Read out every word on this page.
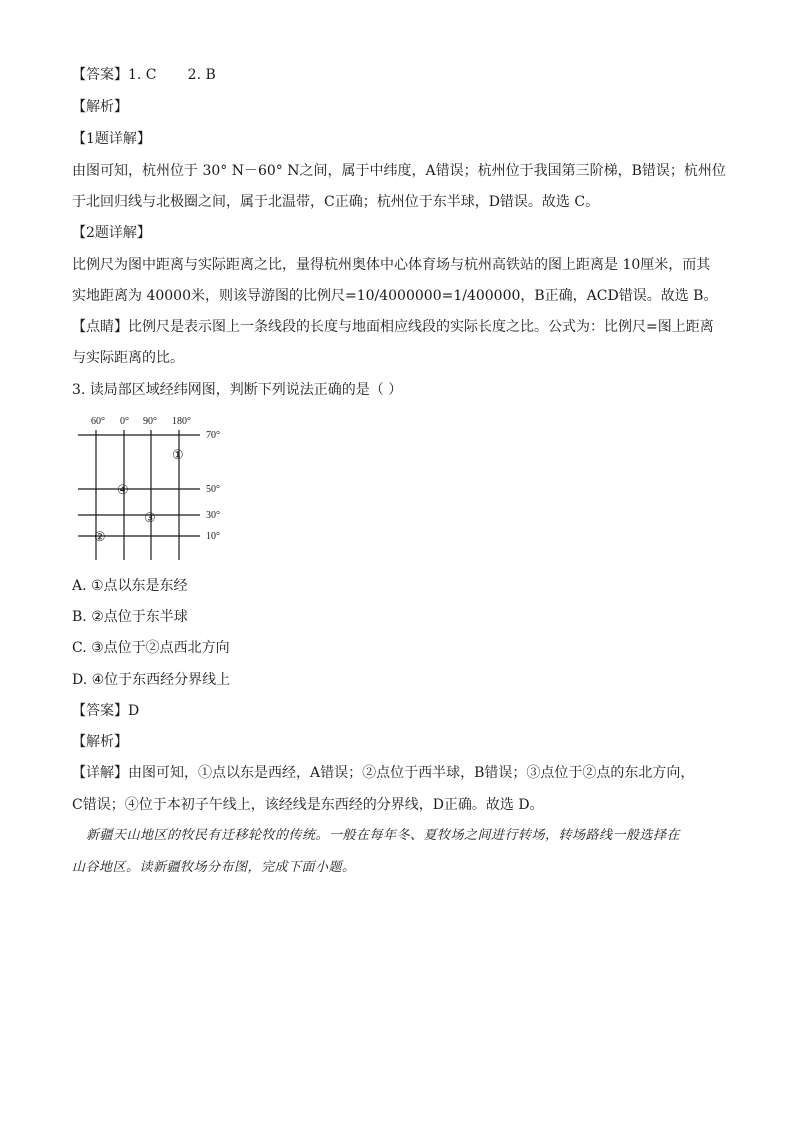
【答案】1. C       2. B
【解析】
【1题详解】
由图可知，杭州位于 30° N－60° N之间，属于中纬度，A错误；杭州位于我国第三阶梯，B错误；杭州位
于北回归线与北极圈之间，属于北温带，C正确；杭州位于东半球，D错误。故选 C。
【2题详解】
比例尺为图中距离与实际距离之比，量得杭州奥体中心体育场与杭州高铁站的图上距离是 10厘米，而其
实地距离为 40000米，则该导游图的比例尺=10/4000000=1/400000，B正确，ACD错误。故选 B。
【点睛】比例尺是表示图上一条线段的长度与地面相应线段的实际长度之比。公式为：比例尺=图上距离
与实际距离的比。
3. 读局部区域经纬网图，判断下列说法正确的是（ ）
60° 0° 90° 180°
70°
50°
30°
10°
①
④
③
②
A. ①点以东是东经
B. ②点位于东半球
C. ③点位于②点西北方向
D. ④位于东西经分界线上
【答案】D
【解析】
【详解】由图可知，①点以东是西经，A错误；②点位于西半球，B错误；③点位于②点的东北方向，
C错误；④位于本初子午线上，该经线是东西经的分界线，D正确。故选 D。
新疆天山地区的牧民有迁移轮牧的传统。一般在每年冬、夏牧场之间进行转场，转场路线一般选择在
山谷地区。读新疆牧场分布图，完成下面小题。
